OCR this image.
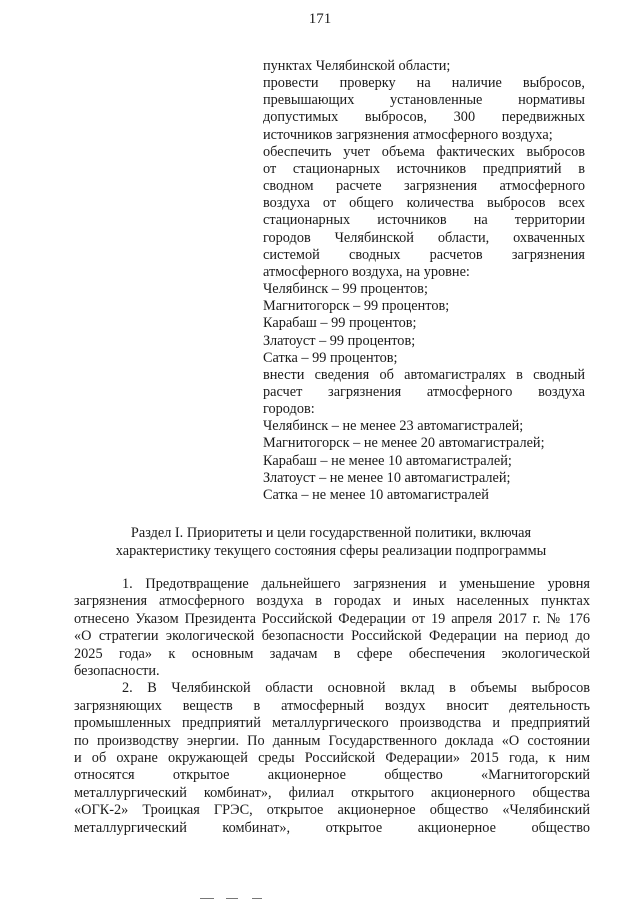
171
пунктах Челябинской области;
провести проверку на наличие выбросов,
превышающих установленные нормативы
допустимых выбросов, 300 передвижных
источников загрязнения атмосферного воздуха;
обеспечить учет объема фактических выбросов
от стационарных источников предприятий в
сводном расчете загрязнения атмосферного
воздуха от общего количества выбросов всех
стационарных источников на территории
городов Челябинской области, охваченных
системой сводных расчетов загрязнения
атмосферного воздуха, на уровне:
Челябинск – 99 процентов;
Магнитогорск – 99 процентов;
Карабаш – 99 процентов;
Златоуст – 99 процентов;
Сатка – 99 процентов;
внести сведения об автомагистралях в сводный
расчет загрязнения атмосферного воздуха
городов:
Челябинск – не менее 23 автомагистралей;
Магнитогорск – не менее 20 автомагистралей;
Карабаш – не менее 10 автомагистралей;
Златоуст – не менее 10 автомагистралей;
Сатка – не менее 10 автомагистралей
Раздел I. Приоритеты и цели государственной политики, включая
характеристику текущего состояния сферы реализации подпрограммы
1. Предотвращение дальнейшего загрязнения и уменьшение уровня
загрязнения атмосферного воздуха в городах и иных населенных пунктах
отнесено Указом Президента Российской Федерации от 19 апреля 2017 г. № 176
«О стратегии экологической безопасности Российской Федерации на период до
2025 года» к основным задачам в сфере обеспечения экологической
безопасности.
2. В Челябинской области основной вклад в объемы выбросов
загрязняющих веществ в атмосферный воздух вносит деятельность
промышленных предприятий металлургического производства и предприятий
по производству энергии. По данным Государственного доклада «О состоянии
и об охране окружающей среды Российской Федерации» 2015 года, к ним
относятся открытое акционерное общество «Магнитогорский
металлургический комбинат», филиал открытого акционерного общества
«ОГК-2» Троицкая ГРЭС, открытое акционерное общество «Челябинский
металлургический комбинат», открытое акционерное общество
